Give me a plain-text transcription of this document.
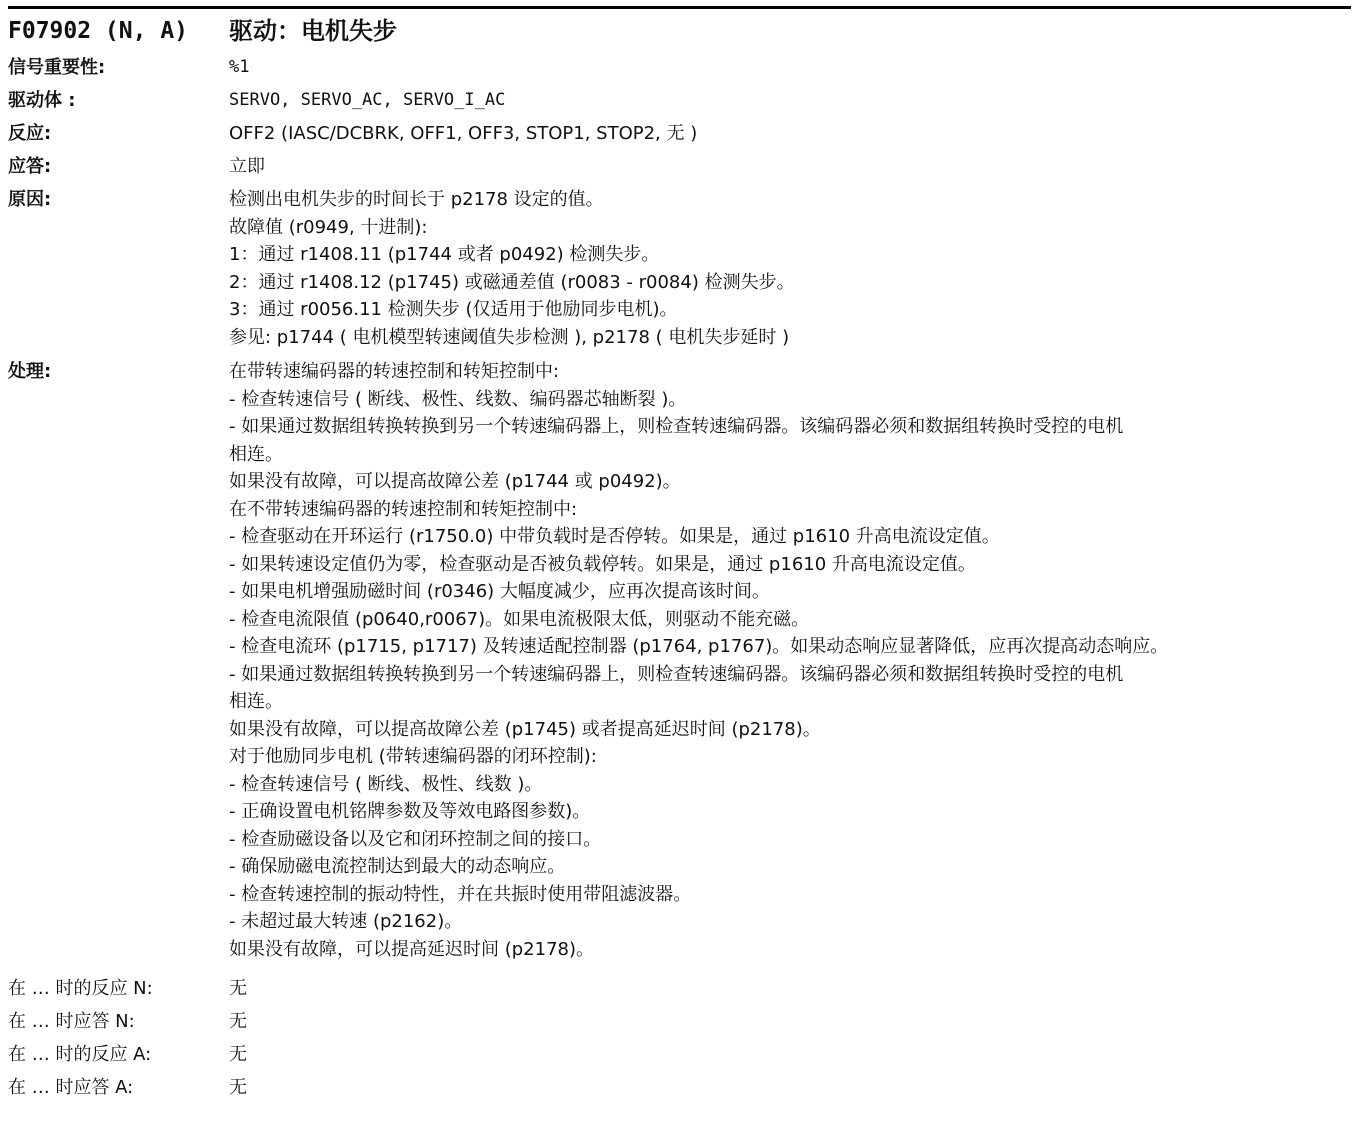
F07902 (N, A) 驱动：电机失步
信号重要性:	%1
驱动体 :	SERVO, SERVO_AC, SERVO_I_AC
反应:	OFF2 (IASC/DCBRK, OFF1, OFF3, STOP1, STOP2, 无 )
应答:	立即
原因:	检测出电机失步的时间长于 p2178 设定的值。
故障值 (r0949, 十进制):
1：通过 r1408.11 (p1744 或者 p0492) 检测失步。
2：通过 r1408.12 (p1745) 或磁通差值 (r0083 - r0084) 检测失步。
3：通过 r0056.11 检测失步 (仅适用于他励同步电机)。
参见: p1744 ( 电机模型转速阈值失步检测 ), p2178 ( 电机失步延时 )
处理:	在带转速编码器的转速控制和转矩控制中:
- 检查转速信号 ( 断线、极性、线数、编码器芯轴断裂 )。
- 如果通过数据组转换转换到另一个转速编码器上，则检查转速编码器。该编码器必须和数据组转换时受控的电机
相连。
如果没有故障，可以提高故障公差 (p1744 或 p0492)。
在不带转速编码器的转速控制和转矩控制中:
- 检查驱动在开环运行 (r1750.0) 中带负载时是否停转。如果是，通过 p1610 升高电流设定值。
- 如果转速设定值仍为零，检查驱动是否被负载停转。如果是，通过 p1610 升高电流设定值。
- 如果电机增强励磁时间 (r0346) 大幅度减少，应再次提高该时间。
- 检查电流限值 (p0640,r0067)。如果电流极限太低，则驱动不能充磁。
- 检查电流环 (p1715, p1717) 及转速适配控制器 (p1764, p1767)。如果动态响应显著降低，应再次提高动态响应。
- 如果通过数据组转换转换到另一个转速编码器上，则检查转速编码器。该编码器必须和数据组转换时受控的电机
相连。
如果没有故障，可以提高故障公差 (p1745) 或者提高延迟时间 (p2178)。
对于他励同步电机 (带转速编码器的闭环控制):
- 检查转速信号 ( 断线、极性、线数 )。
- 正确设置电机铭牌参数及等效电路图参数)。
- 检查励磁设备以及它和闭环控制之间的接口。
- 确保励磁电流控制达到最大的动态响应。
- 检查转速控制的振动特性，并在共振时使用带阻滤波器。
- 未超过最大转速 (p2162)。
如果没有故障，可以提高延迟时间 (p2178)。
在 … 时的反应 N:	无
在 … 时应答 N:	无
在 … 时的反应 A:	无
在 … 时应答 A:	无
